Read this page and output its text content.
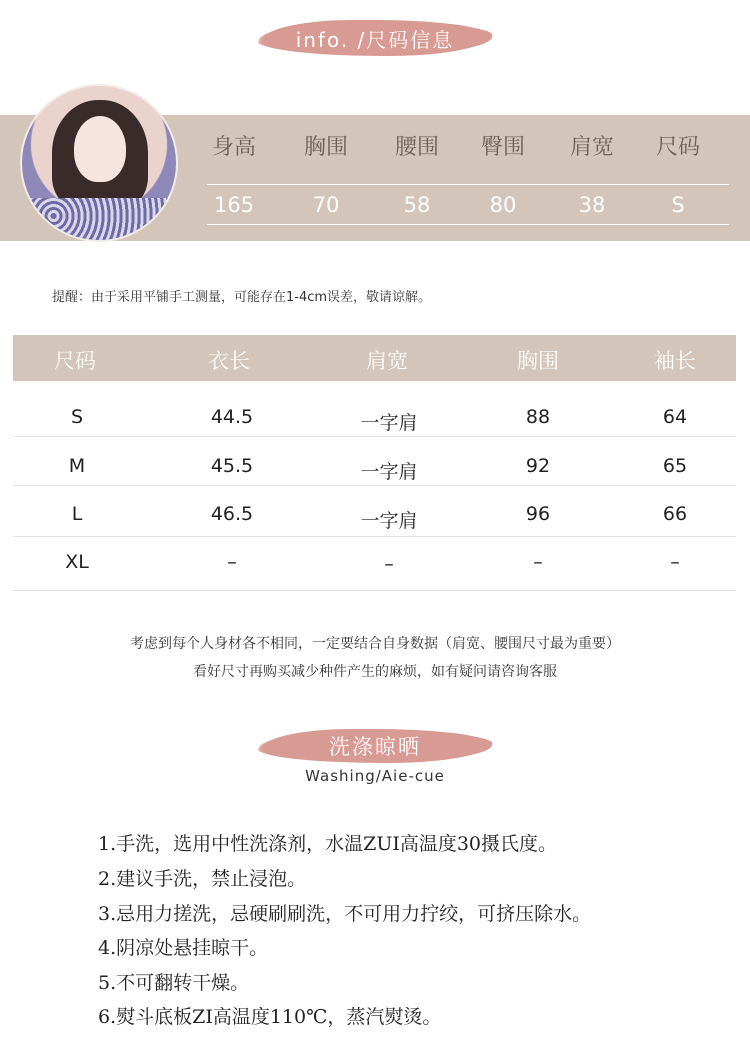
info. /尺码信息
身高	胸围	腰围	臀围	肩宽	尺码
165	70	58	80	38	S
提醒：由于采用平铺手工测量，可能存在1-4cm误差，敬请谅解。
尺码	衣长	肩宽	胸围	袖长
S	44.5	一字肩	88	64
M	45.5	一字肩	92	65
L	46.5	一字肩	96	66
XL	–	–	–	–
考虑到每个人身材各不相同，一定要结合自身数据（肩宽、腰围尺寸最为重要）
看好尺寸再购买减少种件产生的麻烦，如有疑问请咨询客服
洗涤晾晒
Washing/Aie-cue
1.手洗，选用中性洗涤剂，水温ZUI高温度30摄氏度。
2.建议手洗，禁止浸泡。
3.忌用力搓洗，忌硬刷刷洗，不可用力拧绞，可挤压除水。
4.阴凉处悬挂晾干。
5.不可翻转干燥。
6.熨斗底板ZI高温度110℃，蒸汽熨烫。
